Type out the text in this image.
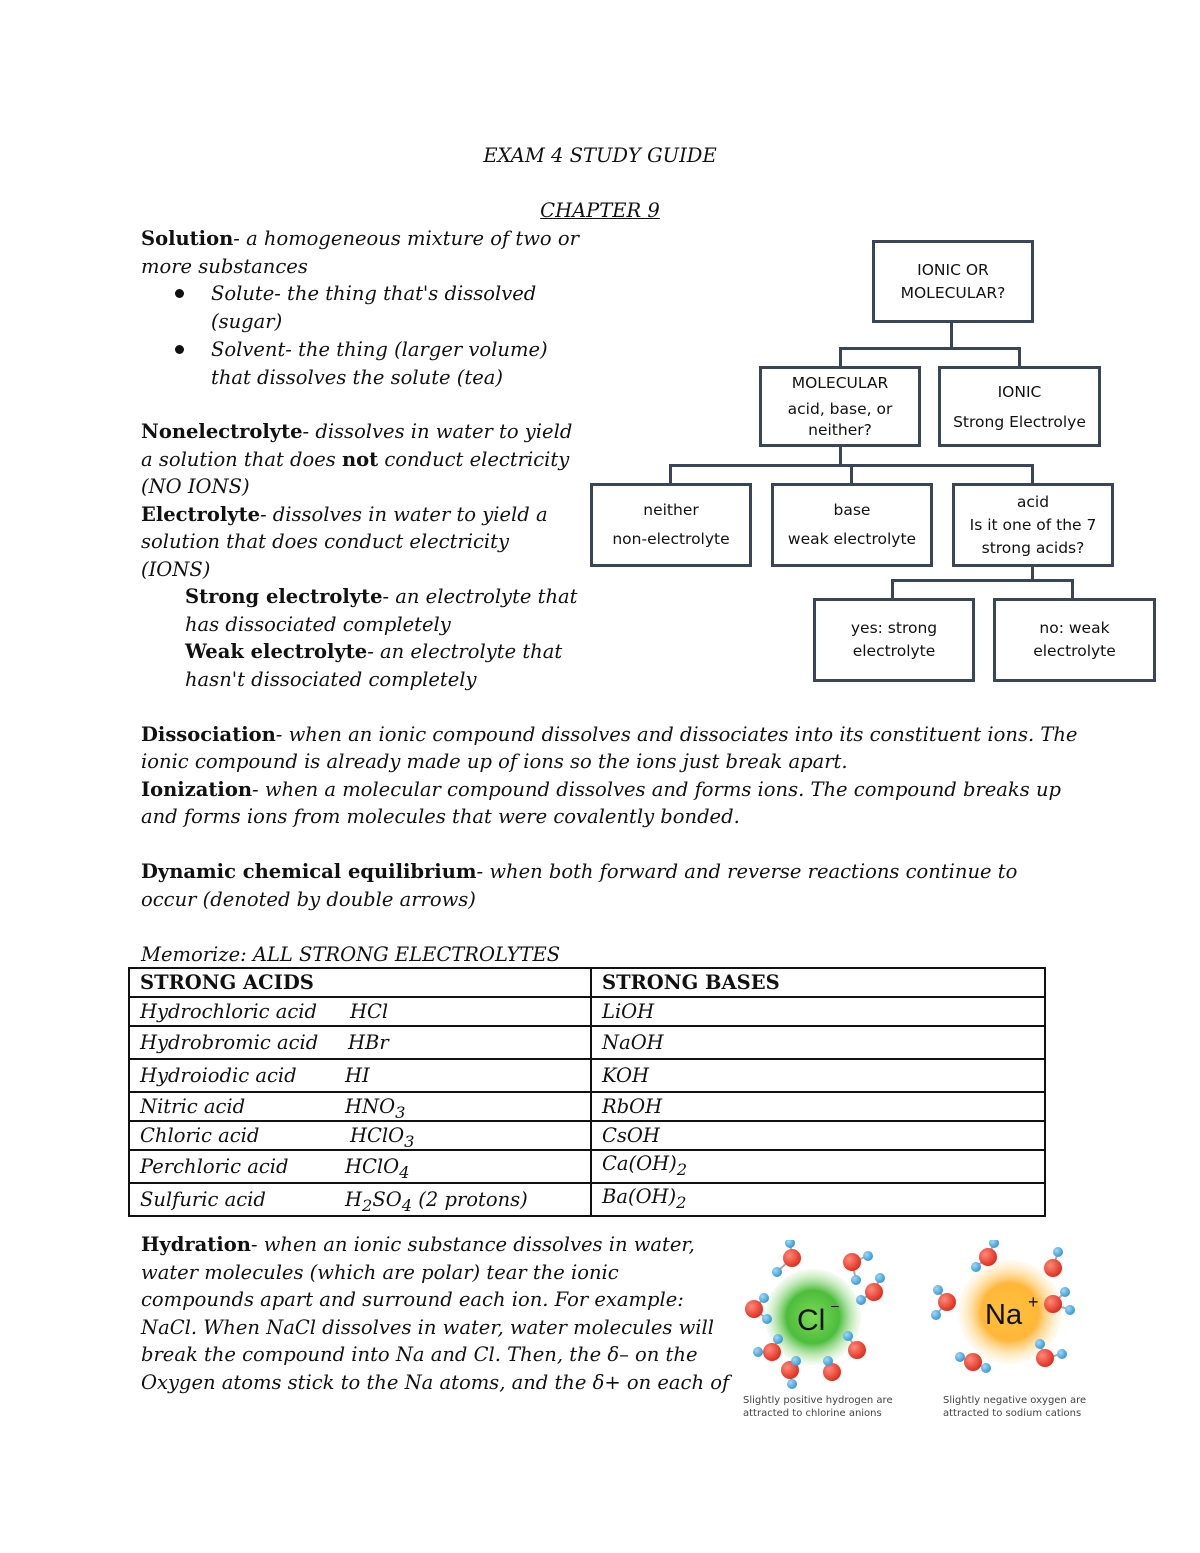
EXAM 4 STUDY GUIDE
CHAPTER 9
Solution- a homogeneous mixture of two or
more substances
Solute- the thing that's dissolved
(sugar)
Solvent- the thing (larger volume)
that dissolves the solute (tea)
Nonelectrolyte- dissolves in water to yield
a solution that does not conduct electricity
(NO IONS)
Electrolyte- dissolves in water to yield a
solution that does conduct electricity
(IONS)
Strong electrolyte- an electrolyte that
has dissociated completely
Weak electrolyte- an electrolyte that
hasn't dissociated completely
Dissociation- when an ionic compound dissolves and dissociates into its constituent ions. The
ionic compound is already made up of ions so the ions just break apart.
Ionization- when a molecular compound dissolves and forms ions. The compound breaks up
and forms ions from molecules that were covalently bonded.
Dynamic chemical equilibrium- when both forward and reverse reactions continue to
occur (denoted by double arrows)
Memorize: ALL STRONG ELECTROLYTES
STRONG ACIDS	STRONG BASES
Hydrochloric acid HCl	LiOH
Hydrobromic acid HBr	NaOH
Hydroiodic acid HI	KOH
Nitric acid $HNO_3$	RbOH
Chloric acid HClO$_3$	CsOH
Perchloric acid HClO$_4$	$Ca(OH)_2$
Sulfuric acid $H_2SO_4$ (2 protons)	$Ba(OH)_2$
Hydration- when an ionic substance dissolves in water,
water molecules (which are polar) tear the ionic
compounds apart and surround each ion. For example:
NaCl. When NaCl dissolves in water, water molecules will
break the compound into Na and Cl. Then, the δ– on the
Oxygen atoms stick to the Na atoms, and the δ+ on each of
IONIC OR
MOLECULAR?
MOLECULAR
acid, base, or
neither?
IONIC
Strong Electrolye
neither
non-electrolyte
base
weak electrolyte
acid
Is it one of the 7
strong acids?
yes: strong
electrolyte
no: weak
electrolyte
Cl –
Slightly positive hydrogen are
attracted to chlorine anions
Na +
Slightly negative oxygen are
attracted to sodium cations
